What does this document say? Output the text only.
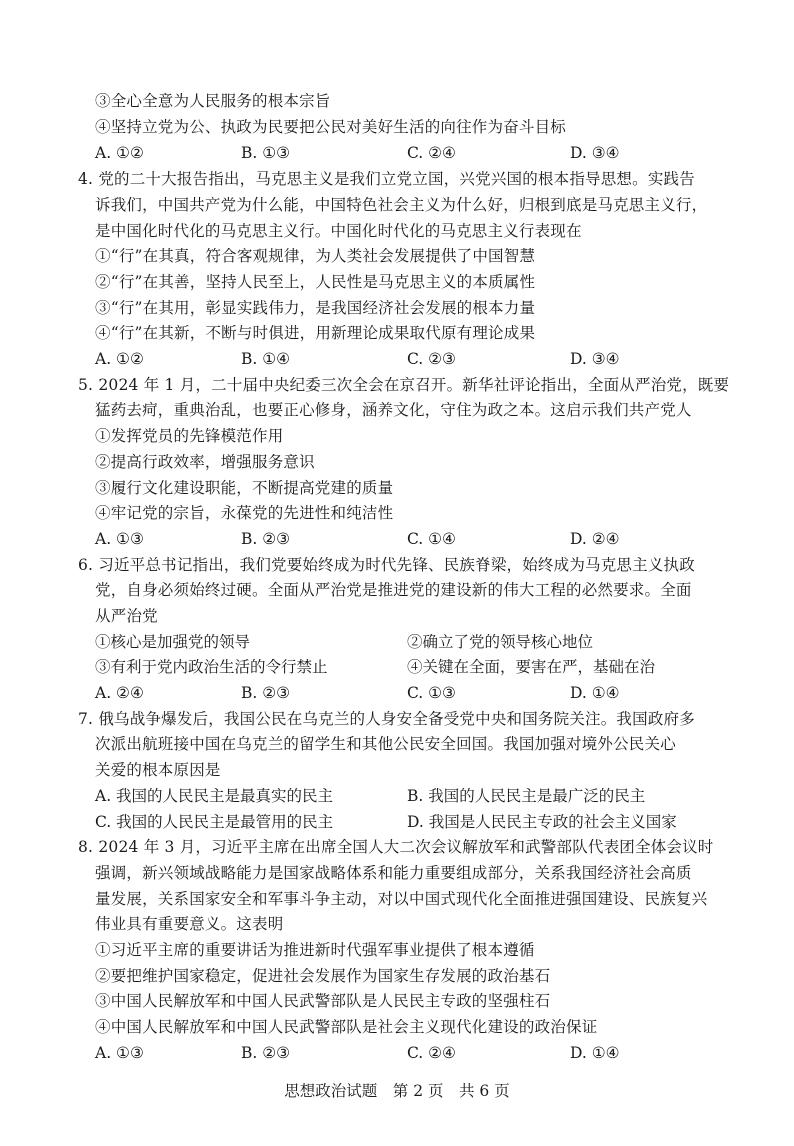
③全心全意为人民服务的根本宗旨
④坚持立党为公、执政为民要把公民对美好生活的向往作为奋斗目标
A. ①②	B. ①③	C. ②④	D. ③④
4. 党的二十大报告指出，马克思主义是我们立党立国，兴党兴国的根本指导思想。实践告
诉我们，中国共产党为什么能，中国特色社会主义为什么好，归根到底是马克思主义行，
是中国化时代化的马克思主义行。中国化时代化的马克思主义行表现在
①“行”在其真，符合客观规律，为人类社会发展提供了中国智慧
②“行”在其善，坚持人民至上，人民性是马克思主义的本质属性
③“行”在其用，彰显实践伟力，是我国经济社会发展的根本力量
④“行”在其新，不断与时俱进，用新理论成果取代原有理论成果
A. ①②	B. ①④	C. ②③	D. ③④
5. 2024 年 1 月，二十届中央纪委三次全会在京召开。新华社评论指出，全面从严治党，既要
猛药去疴，重典治乱，也要正心修身，涵养文化，守住为政之本。这启示我们共产党人
①发挥党员的先锋模范作用
②提高行政效率，增强服务意识
③履行文化建设职能，不断提高党建的质量
④牢记党的宗旨，永葆党的先进性和纯洁性
A. ①③	B. ②③	C. ①④	D. ②④
6. 习近平总书记指出，我们党要始终成为时代先锋、民族脊梁，始终成为马克思主义执政
党，自身必须始终过硬。全面从严治党是推进党的建设新的伟大工程的必然要求。全面
从严治党
①核心是加强党的领导	②确立了党的领导核心地位
③有利于党内政治生活的令行禁止	④关键在全面，要害在严，基础在治
A. ②④	B. ②③	C. ①③	D. ①④
7. 俄乌战争爆发后，我国公民在乌克兰的人身安全备受党中央和国务院关注。我国政府多
次派出航班接中国在乌克兰的留学生和其他公民安全回国。我国加强对境外公民关心
关爱的根本原因是
A. 我国的人民民主是最真实的民主	B. 我国的人民民主是最广泛的民主
C. 我国的人民民主是最管用的民主	D. 我国是人民民主专政的社会主义国家
8. 2024 年 3 月，习近平主席在出席全国人大二次会议解放军和武警部队代表团全体会议时
强调，新兴领域战略能力是国家战略体系和能力重要组成部分，关系我国经济社会高质
量发展，关系国家安全和军事斗争主动，对以中国式现代化全面推进强国建设、民族复兴
伟业具有重要意义。这表明
①习近平主席的重要讲话为推进新时代强军事业提供了根本遵循
②要把维护国家稳定，促进社会发展作为国家生存发展的政治基石
③中国人民解放军和中国人民武警部队是人民民主专政的坚强柱石
④中国人民解放军和中国人民武警部队是社会主义现代化建设的政治保证
A. ①③	B. ②③	C. ②④	D. ①④
思想政治试题　第 2 页　共 6 页
